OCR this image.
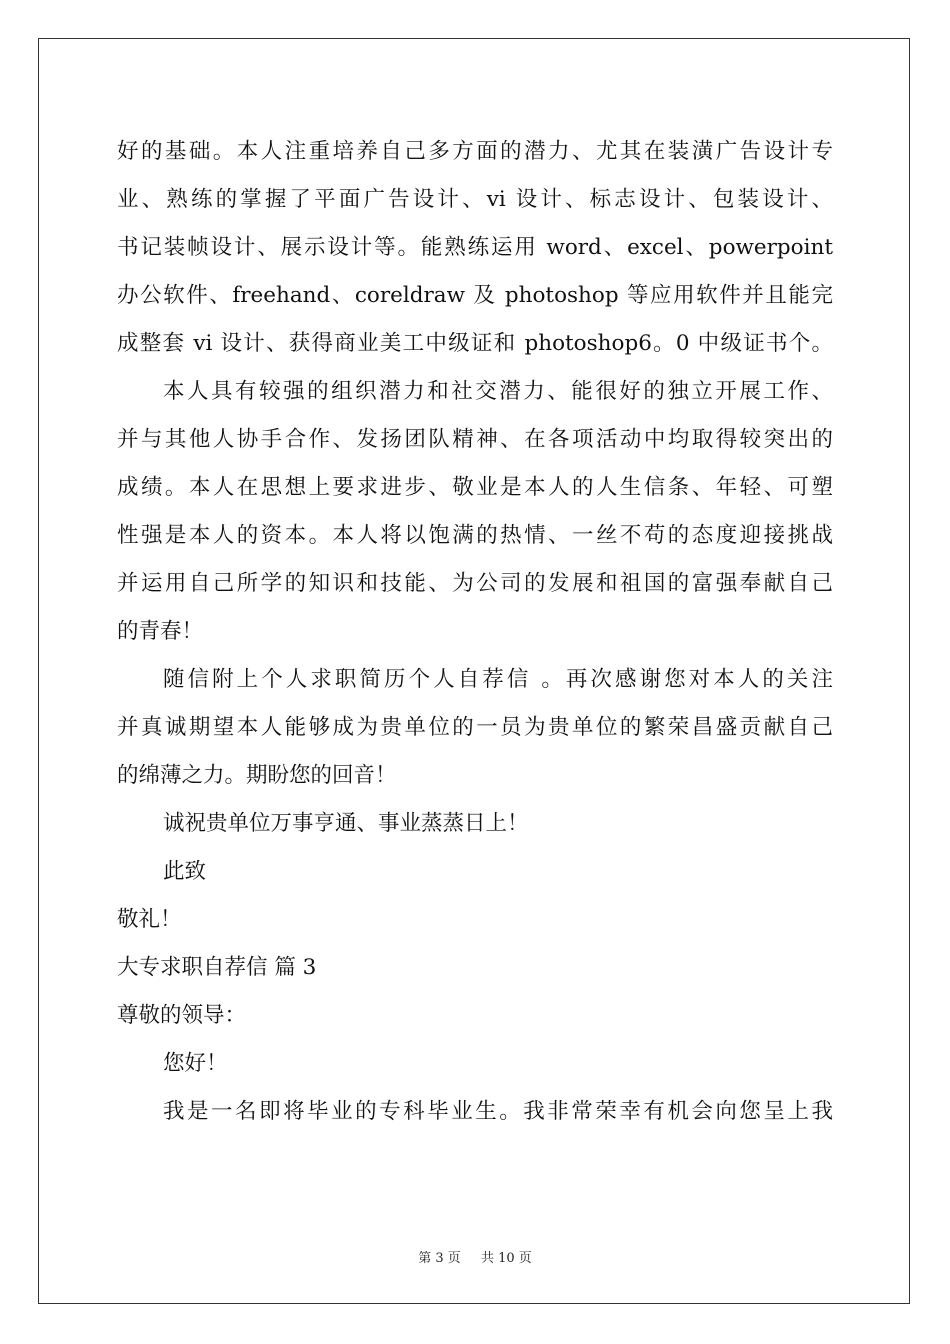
好的基础。本人注重培养自己多方面的潜力、尤其在装潢广告设计专
业、熟练的掌握了平面广告设计、vi 设计、标志设计、包装设计、
书记装帧设计、展示设计等。能熟练运用 word、excel、powerpoint
办公软件、freehand、coreldraw 及 photoshop 等应用软件并且能完
成整套 vi 设计、获得商业美工中级证和 photoshop6。0 中级证书个。
本人具有较强的组织潜力和社交潜力、能很好的独立开展工作、
并与其他人协手合作、发扬团队精神、在各项活动中均取得较突出的
成绩。本人在思想上要求进步、敬业是本人的人生信条、年轻、可塑
性强是本人的资本。本人将以饱满的热情、一丝不苟的态度迎接挑战
并运用自己所学的知识和技能、为公司的发展和祖国的富强奉献自己
的青春！
随信附上个人求职简历个人自荐信 。再次感谢您对本人的关注
并真诚期望本人能够成为贵单位的一员为贵单位的繁荣昌盛贡献自己
的绵薄之力。期盼您的回音！
诚祝贵单位万事亨通、事业蒸蒸日上！
此致
敬礼！
大专求职自荐信 篇 3
尊敬的领导：
您好！
我是一名即将毕业的专科毕业生。我非常荣幸有机会向您呈上我
第 3 页 共 10 页
